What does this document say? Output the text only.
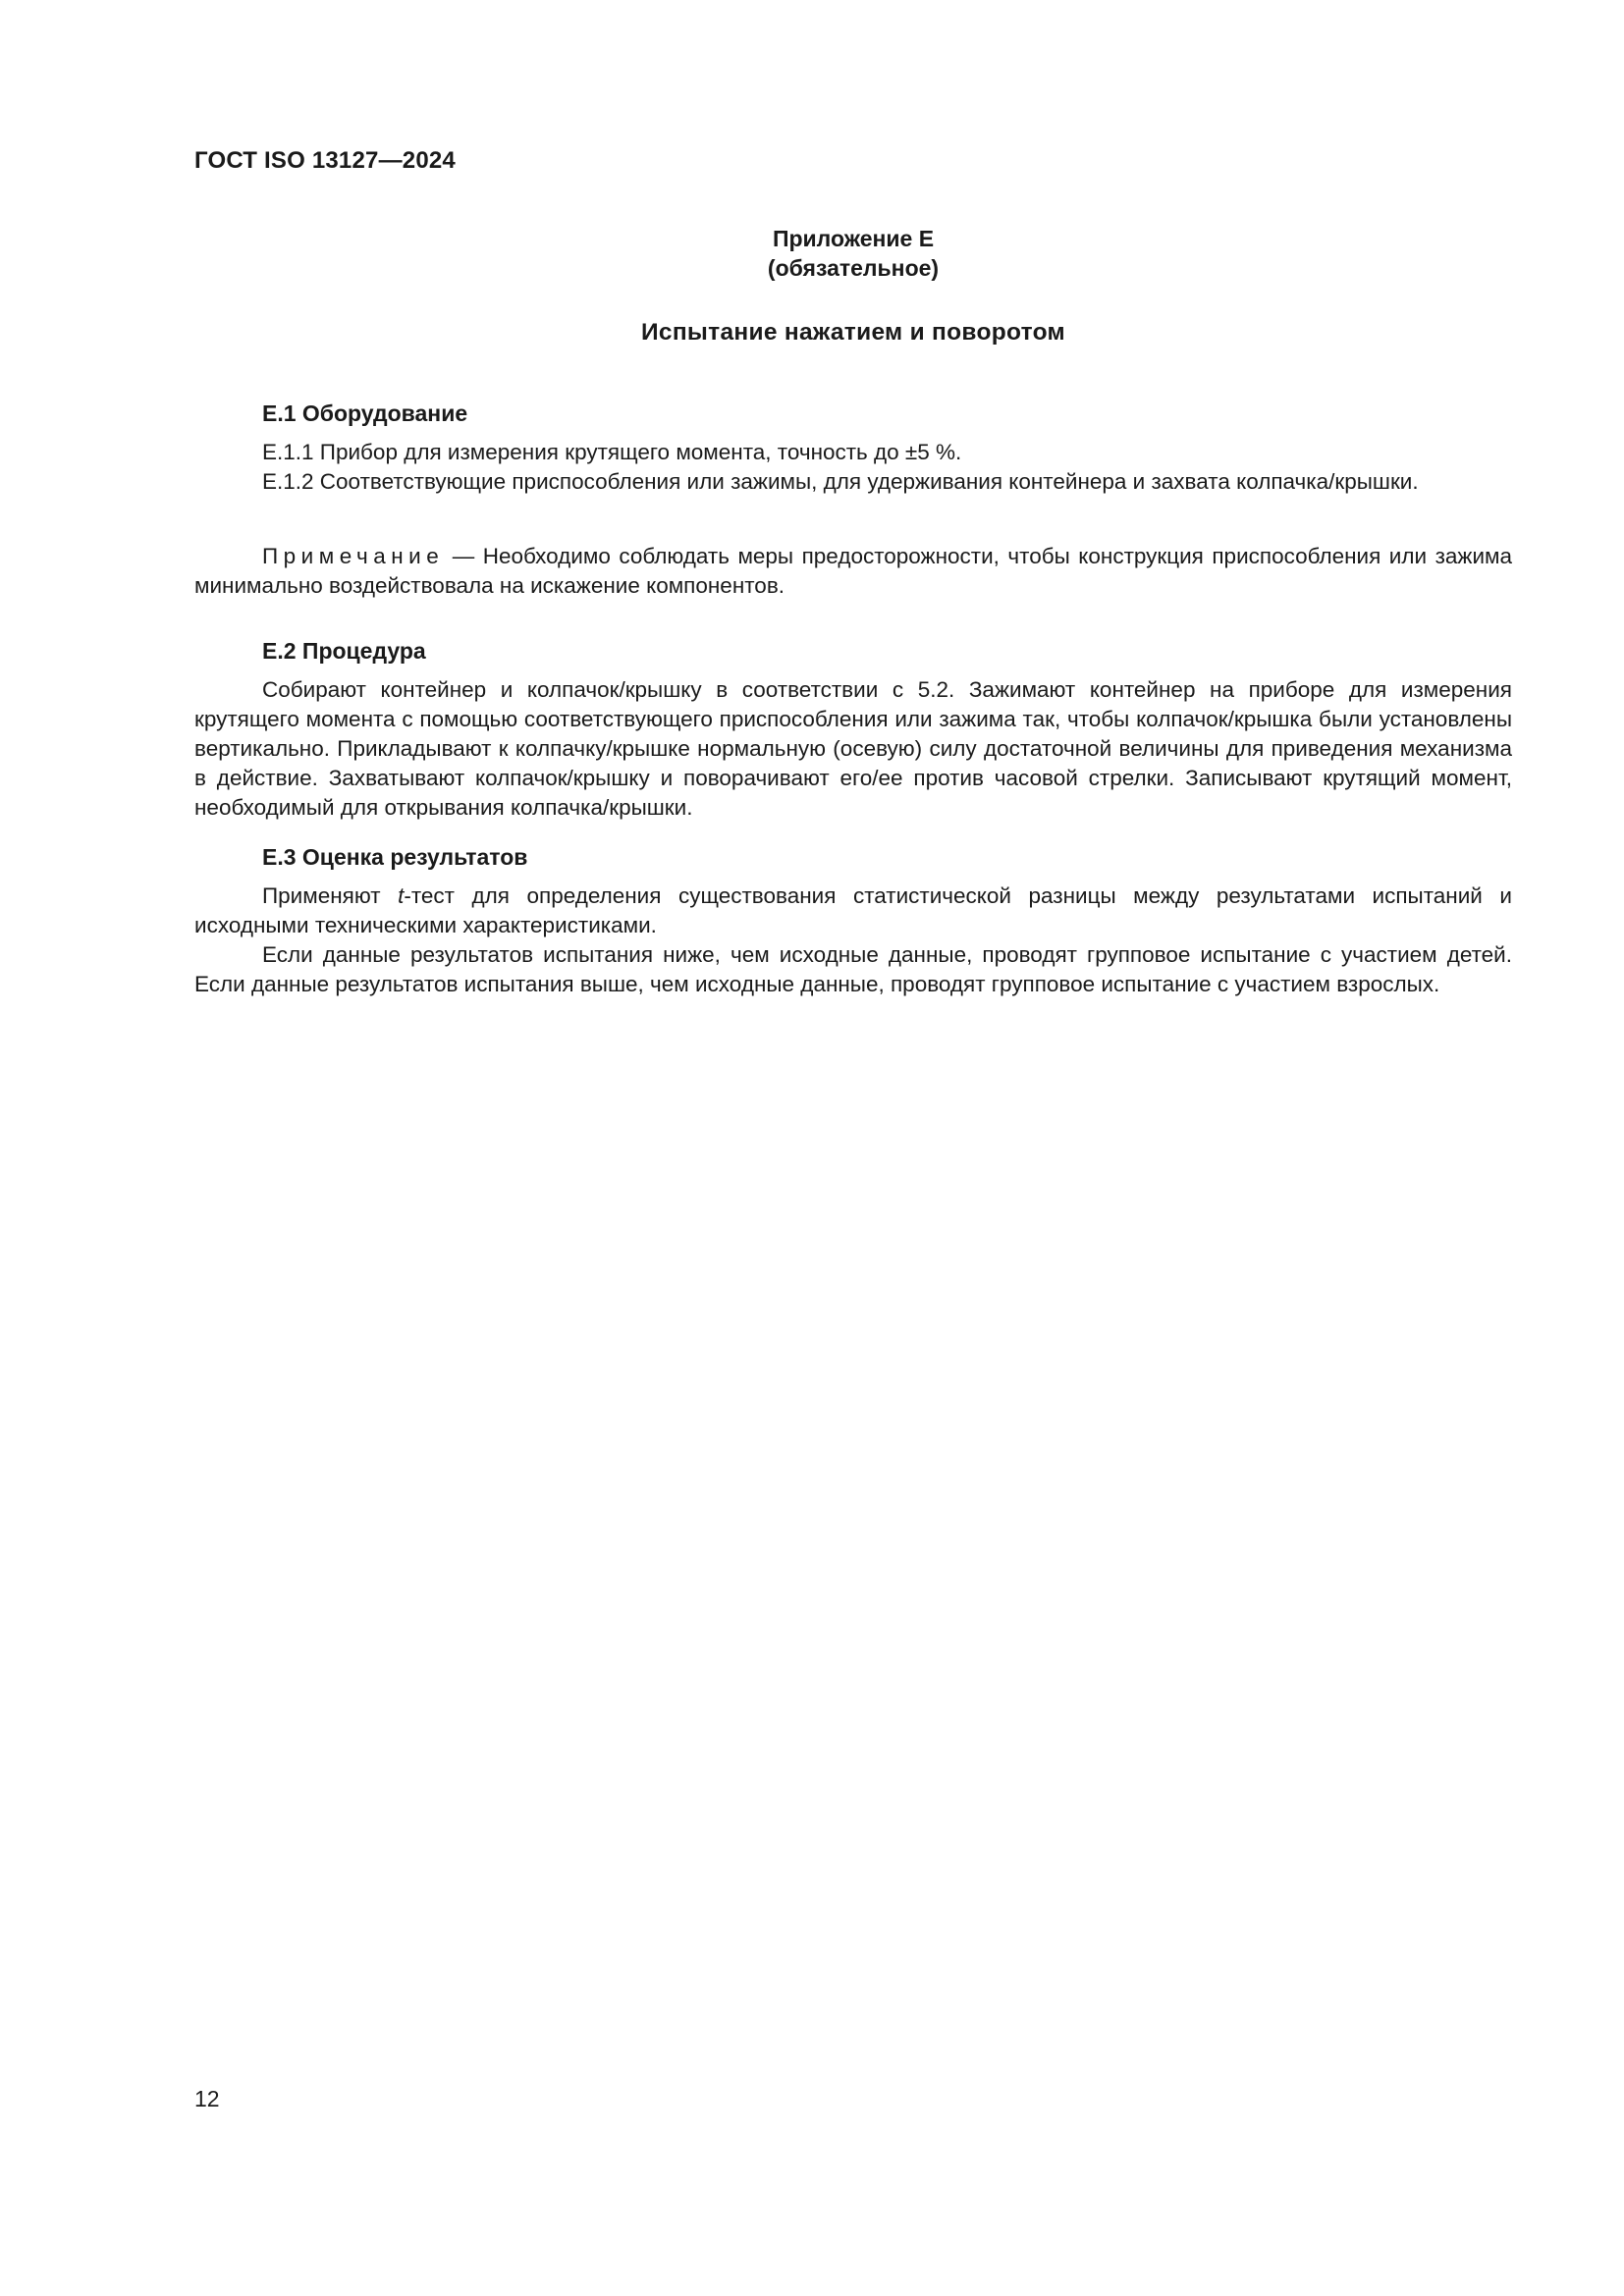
ГОСТ ISO 13127—2024
Приложение Е
(обязательное)
Испытание нажатием и поворотом
Е.1 Оборудование

Е.1.1 Прибор для измерения крутящего момента, точность до ±5 %.

Е.1.2 Соответствующие приспособления или зажимы, для удерживания контейнера и захвата колпачка/крышки.

Примечание — Необходимо соблюдать меры предосторожности, чтобы конструкция приспособления или зажима минимально воздействовала на искажение компонентов.

Е.2 Процедура

Собирают контейнер и колпачок/крышку в соответствии с 5.2. Зажимают контейнер на приборе для измерения крутящего момента с помощью соответствующего приспособления или зажима так, чтобы колпачок/крышка были установлены вертикально. Прикладывают к колпачку/крышке нормальную (осевую) силу достаточной величины для приведения механизма в действие. Захватывают колпачок/крышку и поворачивают его/ее против часовой стрелки. Записывают крутящий момент, необходимый для открывания колпачка/крышки.

Е.3 Оценка результатов

Применяют t-тест для определения существования статистической разницы между результатами испытаний и исходными техническими характеристиками.

Если данные результатов испытания ниже, чем исходные данные, проводят групповое испытание с участием детей. Если данные результатов испытания выше, чем исходные данные, проводят групповое испытание с участием взрослых.

12
